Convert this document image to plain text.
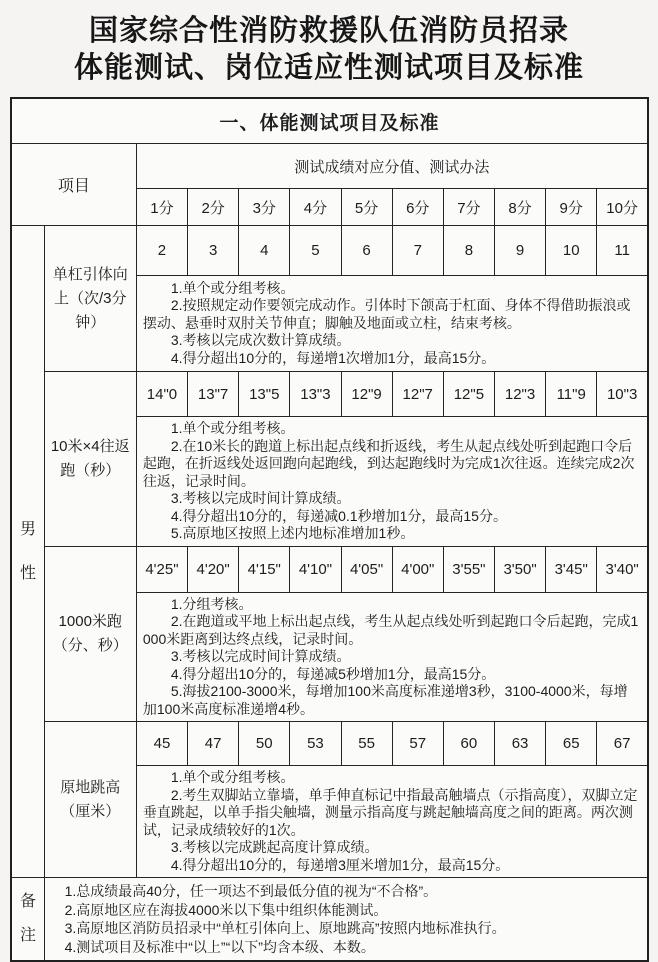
国家综合性消防救援队伍消防员招录
体能测试、岗位适应性测试项目及标准
一、体能测试项目及标准											
项目		测试成绩对应分值、测试办法									
		1分	2分	3分	4分	5分	6分	7分	8分	9分	10分
男性	单杠引体向上（次/3分钟）	2	3	4	5	6	7	8	9	10	11

		1.单个或分组考核。
2.按照规定动作要领完成动作。引体时下颌高于杠面、身体不得借助振浪或摆动、悬垂时双肘关节伸直；脚触及地面或立柱，结束考核。
3.考核以完成次数计算成绩。
4.得分超出10分的，每递增1次增加1分，最高15分。									

	10米×4往返跑（秒）	14"0	13"7	13"5	13"3	12"9	12"7	12"5	12"3	11"9	10"3

		1.单个或分组考核。
2.在10米长的跑道上标出起点线和折返线，考生从起点线处听到起跑口令后起跑，在折返线处返回跑向起跑线，到达起跑线时为完成1次往返。连续完成2次往返，记录时间。
3.考核以完成时间计算成绩。
4.得分超出10分的，每递减0.1秒增加1分，最高15分。
5.高原地区按照上述内地标准增加1秒。									

	1000米跑（分、秒）	4'25"	4'20"	4'15"	4'10"	4'05"	4'00"	3'55"	3'50"	3'45"	3'40"

		1.分组考核。
2.在跑道或平地上标出起点线，考生从起点线处听到起跑口令后起跑，完成1000米距离到达终点线，记录时间。
3.考核以完成时间计算成绩。
4.得分超出10分的，每递减5秒增加1分，最高15分。
5.海拔2100-3000米，每增加100米高度标准递增3秒，3100-4000米，每增加100米高度标准递增4秒。									

	原地跳高（厘米）	45	47	50	53	55	57	60	63	65	67

		1.单个或分组考核。
2.考生双脚站立靠墙，单手伸直标记中指最高触墙点（示指高度），双脚立定垂直跳起，以单手指尖触墙，测量示指高度与跳起触墙高度之间的距离。两次测试，记录成绩较好的1次。
3.考核以完成跳起高度计算成绩。
4.得分超出10分的，每递增3厘米增加1分，最高15分。									

备注	1.总成绩最高40分，任一项达不到最低分值的视为“不合格”。
2.高原地区应在海拔4000米以下集中组织体能测试。
3.高原地区消防员招录中“单杠引体向上、原地跳高”按照内地标准执行。
4.测试项目及标准中“以上”“以下”均含本级、本数。										
